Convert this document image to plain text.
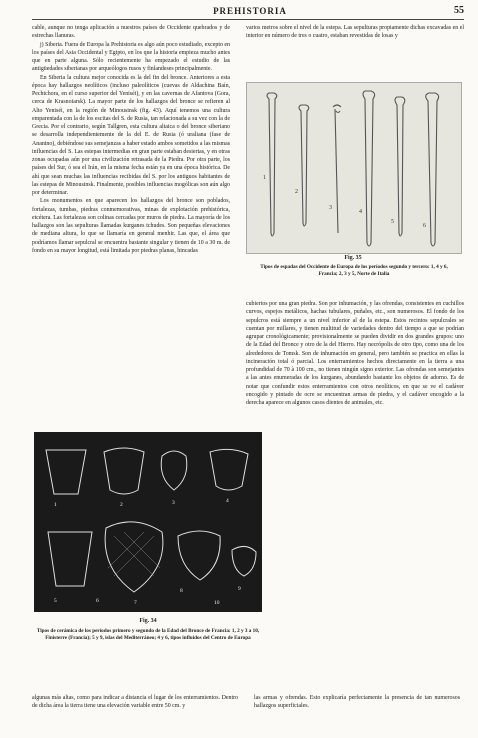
PREHISTORIA	55

cable, aunque no tenga aplicación a nuestros países de Occidente quebrados y de estrechas llanuras.

j) Siberia. Fuera de Europa la Prehistoria es algo aún poco estudiado, excepto en los países del Asia Occidental y Egipto, en los que la historia empieza mucho antes que en parte alguna. Sólo recientemente ha empezado el estudio de las antigüedades siberianas por arqueólogos rusos y finlandeses principalmente.

En Siberia la cultura mejor conocida es la del fin del bronce. Anteriores a esta época hay hallazgos neolíticos (incluso paleolíticos (cuevas de Aldachina Baín, Pechtchora, en el curso superior del Yeniséi), y en las cavernas de Afantova (Gora, cerca de Krasnoiarsk). La mayor parte de los hallazgos del bronce se refieren al Alto Yeniséi, en la región de Minousinsk (fig. 43). Aquí tenemos una cultura emparentada con la de los escitas del S. de Rusia, tan relacionada a su vez con la de Grecia. Por el contrario, según Tallgren, esta cultura altaica o del bronce siberiano se desarrolla independientemente de la del E. de Rusia (ó uraliana (fase de Ananino), debiéndose sus semejanzas a haber estado ambos sometidos a las mismas influencias del S. Las estepas intermedias en gran parte estaban desiertas, y en otras zonas ocupadas aún por una civilización retrasada de la Piedra. Por otra parte, los países del Sur, ó sea el Irán, en la misma fecha están ya en una época histórica. De ahí que sean muchas las influencias recibidas del S. por los antiguos habitantes de las estepas de Minousinsk. Finalmente, posibles influencias mogólicas son aún algo por determinar.

Los monumentos en que aparecen los hallazgos del bronce son poblados, fortalezas, tumbas, piedras conmemorativas, minas de explotación prehistórica, etcétera. Las fortalezas son colinas cercadas por muros de piedra. La mayoría de los hallazgos son las sepulturas llamadas kurganes tchudes. Son pequeñas elevaciones de mediana altura, lo que se llamaría en general menhir. Las que, el área que podríamos llamar sepulcral se encuentra bastante singular y tienen de 10 a 30 m. de fondo en su mayor longitud, está limitada por piedras planas, hincadas

varios metros sobre el nivel de la estepa. Las sepulturas propiamente dichas excavadas en el interior en número de tres o cuatro, estaban revestidas de losas y

1
2
3
4
5
6
Fig. 35
Tipos de espadas del Occidente de Europa de los períodos segundo y tercero: 1, 4 y 6, Francia; 2, 3 y 5, Norte de Italia

cubiertos por una gran piedra. Son por inhumación, y las ofrendas, consistentes en cuchillos curvos, espejos metálicos, hachas tubulares, puñales, etc., son numerosos. El fondo de los sepulcros está siempre a un nivel inferior al de la estepa. Estos recintos sepulcrales se cuentan por millares, y tienen multitud de variedades dentro del tiempo a que se podrían agrupar cronológicamente; provisionalmente se pueden dividir en dos grandes grupos: uno de la Edad del Bronce y otro de la del Hierro. Hay necrópolis de otro tipo, como una de los alrededores de Tomsk. Son de inhumación en general, pero también se practica en ellas la incineración total ó parcial. Los enterramientos hechos directamente en la tierra a una profundidad de 70 à 100 cm., no tienen ningún signo exterior. Las ofrendas son semejantes a las antes enumeradas de los kurganes, abundando bastante los objetos de adorno. Es de notar que confundir estos enterramientos con otros neolíticos, en que se ve el cadáver encogido y pintado de ocre se encuentran armas de piedra, y el cadáver encogido a la derecha aparece en algunos casos dientes de animales, etc.

1	2	3	4
5	6	7
8	9
10
Fig. 34
Tipos de cerámica de los períodos primero y segundo de la Edad del Bronce de Francia: 1, 2 y 3 a 10, Finisterre (Francia); 5 y 9, islas del Mediterráneo; 4 y 6, tipos influidos del Centro de Europa
algunas más altas, como para indicar a distancia el lugar de los enterramientos. Dentro de dicha área la tierra tiene una elevación variable entre 50 cm. ylas armas y ofrendas. Esto explicaría perfectamente la presencia de tan numerosos hallazgos superficiales.
